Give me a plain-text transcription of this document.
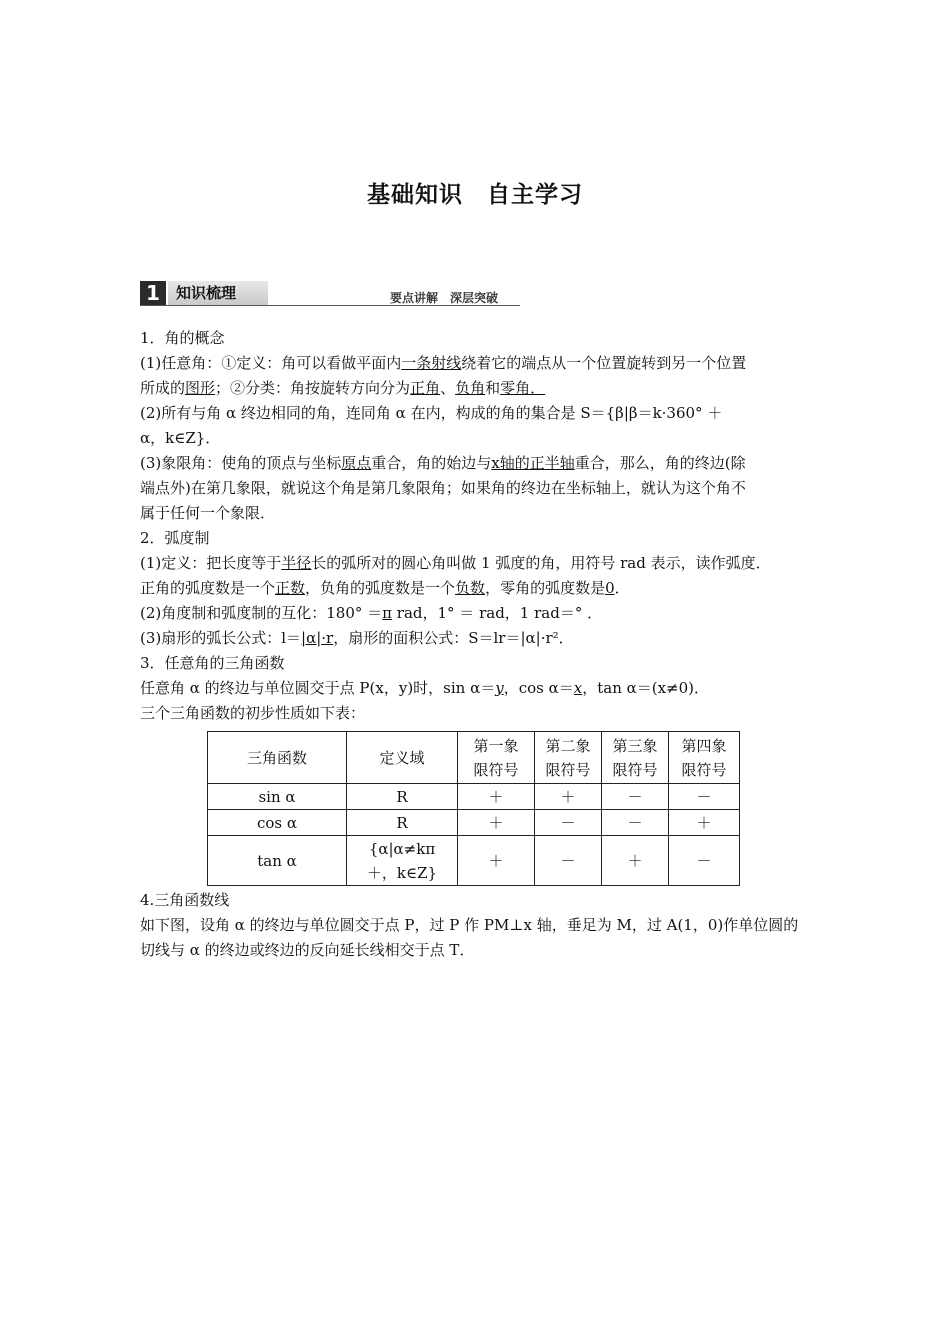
基础知识 自主学习
1	知识梳理	要点讲解　深层突破

1．角的概念

(1)任意角：①定义：角可以看做平面内一条射线绕着它的端点从一个位置旋转到另一个位置

所成的图形；②分类：角按旋转方向分为正角、负角和零角．

(2)所有与角 α 终边相同的角，连同角 α 在内，构成的角的集合是 S＝{β|β＝k·360° ＋

α，k∈Z}．

(3)象限角：使角的顶点与坐标原点重合，角的始边与x轴的正半轴重合，那么，角的终边(除

端点外)在第几象限，就说这个角是第几象限角；如果角的终边在坐标轴上，就认为这个角不

属于任何一个象限．

2．弧度制

(1)定义：把长度等于半径长的弧所对的圆心角叫做 1 弧度的角，用符号 rad 表示，读作弧度．

正角的弧度数是一个正数，负角的弧度数是一个负数，零角的弧度数是0．

(2)角度制和弧度制的互化：180° ＝π rad，1° ＝ rad，1 rad＝° ．

(3)扇形的弧长公式：l＝|α|·r，扇形的面积公式：S＝lr＝|α|·r²．

3．任意角的三角函数

任意角 α 的终边与单位圆交于点 P(x，y)时，sin α＝y，cos α＝x，tan α＝(x≠0)．

三个三角函数的初步性质如下表：

三角函数	定义域	第一象
限符号	第二象
限符号	第三象
限符号	第四象
限符号
sin α	R	＋	＋	－	－
cos α	R	＋	－	－	＋
tan α	{α|α≠kπ
＋，k∈Z}	＋	－	＋	－

4.三角函数线

如下图，设角 α 的终边与单位圆交于点 P，过 P 作 PM⊥x 轴，垂足为 M，过 A(1，0)作单位圆的

切线与 α 的终边或终边的反向延长线相交于点 T．
